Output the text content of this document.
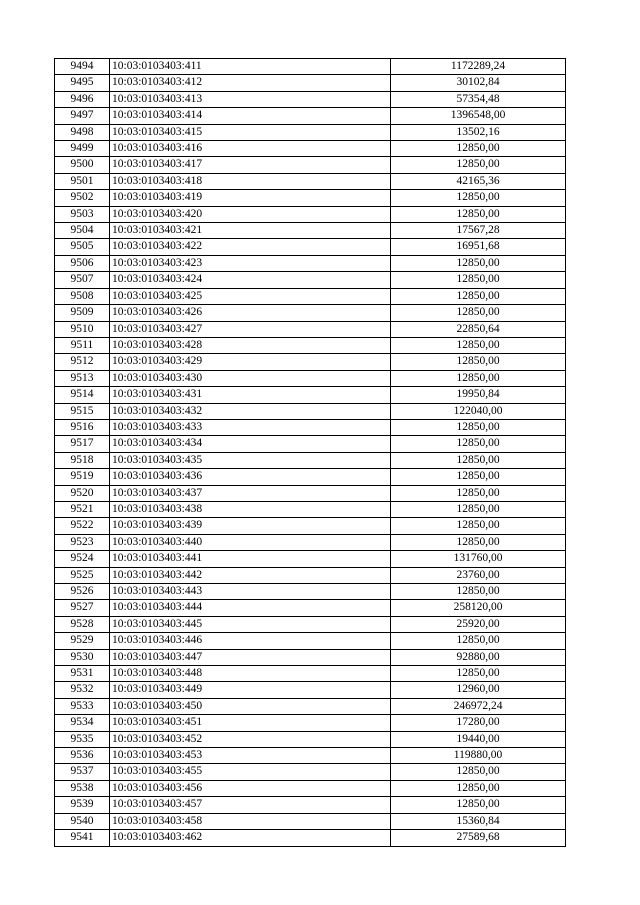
9494	10:03:0103403:411	1172289,24
9495	10:03:0103403:412	30102,84
9496	10:03:0103403:413	57354,48
9497	10:03:0103403:414	1396548,00
9498	10:03:0103403:415	13502,16
9499	10:03:0103403:416	12850,00
9500	10:03:0103403:417	12850,00
9501	10:03:0103403:418	42165,36
9502	10:03:0103403:419	12850,00
9503	10:03:0103403:420	12850,00
9504	10:03:0103403:421	17567,28
9505	10:03:0103403:422	16951,68
9506	10:03:0103403:423	12850,00
9507	10:03:0103403:424	12850,00
9508	10:03:0103403:425	12850,00
9509	10:03:0103403:426	12850,00
9510	10:03:0103403:427	22850,64
9511	10:03:0103403:428	12850,00
9512	10:03:0103403:429	12850,00
9513	10:03:0103403:430	12850,00
9514	10:03:0103403:431	19950,84
9515	10:03:0103403:432	122040,00
9516	10:03:0103403:433	12850,00
9517	10:03:0103403:434	12850,00
9518	10:03:0103403:435	12850,00
9519	10:03:0103403:436	12850,00
9520	10:03:0103403:437	12850,00
9521	10:03:0103403:438	12850,00
9522	10:03:0103403:439	12850,00
9523	10:03:0103403:440	12850,00
9524	10:03:0103403:441	131760,00
9525	10:03:0103403:442	23760,00
9526	10:03:0103403:443	12850,00
9527	10:03:0103403:444	258120,00
9528	10:03:0103403:445	25920,00
9529	10:03:0103403:446	12850,00
9530	10:03:0103403:447	92880,00
9531	10:03:0103403:448	12850,00
9532	10:03:0103403:449	12960,00
9533	10:03:0103403:450	246972,24
9534	10:03:0103403:451	17280,00
9535	10:03:0103403:452	19440,00
9536	10:03:0103403:453	119880,00
9537	10:03:0103403:455	12850,00
9538	10:03:0103403:456	12850,00
9539	10:03:0103403:457	12850,00
9540	10:03:0103403:458	15360,84
9541	10:03:0103403:462	27589,68
